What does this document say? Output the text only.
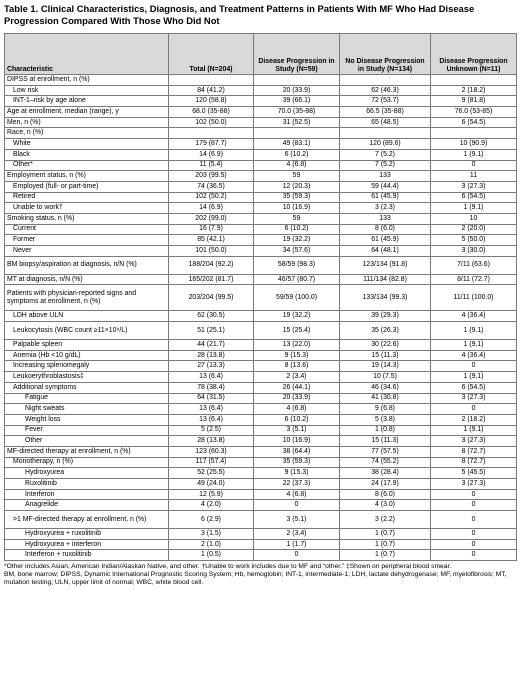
Table 1. Clinical Characteristics, Diagnosis, and Treatment Patterns in Patients With MF Who Had Disease Progression Compared With Those Who Did Not
Characteristic	Total (N=204)	Disease Progression in Study (N=59)	No Disease Progression in Study (N=134)	Disease Progression Unknown (N=11)
DIPSS at enrollment, n (%)				
Low risk	84 (41.2)	20 (33.9)	62 (46.3)	2 (18.2)
INT-1–risk by age alone	120 (58.8)	39 (66.1)	72 (53.7)	9 (81.8)
Age at enrollment, median (range), y	68.0 (35-88)	70.0 (35-88)	66.5 (35-88)	76.0 (53-85)
Men, n (%)	102 (50.0)	31 (52.5)	65 (48.5)	6 (54.5)
Race, n (%)				
White	179 (87.7)	49 (83.1)	120 (89.6)	10 (90.9)
Black	14 (6.9)	6 (10.2)	7 (5.2)	1 (9.1)
Other*	11 (5.4)	4 (6.8)	7 (5.2)	0
Employment status, n (%)	203 (99.5)	59	133	11
Employed (full- or part-time)	74 (36.5)	12 (20.3)	59 (44.4)	3 (27.3)
Retired	102 (50.2)	35 (59.3)	61 (45.9)	6 (54.5)
Unable to work†	14 (6.9)	10 (16.9)	3 (2.3)	1 (9.1)
Smoking status, n (%)	202 (99.0)	59	133	10
Current	16 (7.9)	6 (10.2)	8 (6.0)	2 (20.0)
Former	85 (42.1)	19 (32.2)	61 (45.9)	5 (50.0)
Never	101 (50.0)	34 (57.6)	64 (48.1)	3 (30.0)
BM biopsy/aspiration at diagnosis, n/N (%)	188/204 (92.2)	58/59 (98.3)	123/134 (91.8)	7/11 (63.6)
MT at diagnosis, n/N (%)	165/202 (81.7)	46/57 (80.7)	111/134 (82.8)	8/11 (72.7)
Patients with physician-reported signs and symptoms at enrollment, n (%)	203/204 (99.5)	59/59 (100.0)	133/134 (99.3)	11/11 (100.0)
LDH above ULN	62 (30.5)	19 (32.2)	39 (29.3)	4 (36.4)
Leukocytosis (WBC count ≥11×10⁹/L)	51 (25.1)	15 (25.4)	35 (26.3)	1 (9.1)
Palpable spleen	44 (21.7)	13 (22.0)	30 (22.6)	1 (9.1)
Anemia (Hb <10 g/dL)	28 (13.8)	9 (15.3)	15 (11.3)	4 (36.4)
Increasing splenomegaly	27 (13.3)	8 (13.6)	19 (14.3)	0
Leukoerythroblastosis‡	13 (6.4)	2 (3.4)	10 (7.5)	1 (9.1)
Additional symptoms	78 (38.4)	26 (44.1)	46 (34.6)	6 (54.5)
Fatigue	64 (31.5)	20 (33.9)	41 (30.8)	3 (27.3)
Night sweats	13 (6.4)	4 (6.8)	9 (6.8)	0
Weight loss	13 (6.4)	6 (10.2)	5 (3.8)	2 (18.2)
Fever	5 (2.5)	3 (5.1)	1 (0.8)	1 (9.1)
Other	28 (13.8)	10 (16.9)	15 (11.3)	3 (27.3)
MF-directed therapy at enrollment, n (%)	123 (60.3)	38 (64.4)	77 (57.5)	8 (72.7)
Monotherapy, n (%)	117 (57.4)	35 (59.3)	74 (55.2)	8 (72.7)
Hydroxyurea	52 (25.5)	9 (15.3)	38 (28.4)	5 (45.5)
Ruxolitinib	49 (24.0)	22 (37.3)	24 (17.9)	3 (27.3)
Interferon	12 (5.9)	4 (6.8)	8 (6.0)	0
Anagrelide	4 (2.0)	0	4 (3.0)	0
>1 MF-directed therapy at enrollment, n (%)	6 (2.9)	3 (5.1)	3 (2.2)	0
Hydroxyurea + ruxolitinib	3 (1.5)	2 (3.4)	1 (0.7)	0
Hydroxyurea + interferon	2 (1.0)	1 (1.7)	1 (0.7)	0
Interferon + ruxolitinib	1 (0.5)	0	1 (0.7)	0
*Other includes Asian, American Indian/Alaskan Native, and other. †Unable to work includes due to MF and “other.” ‡Shown on peripheral blood smear.
BM, bone marrow; DIPSS, Dynamic International Prognostic Scoring System; Hb, hemoglobin; INT-1, intermediate-1; LDH, lactate dehydrogenase; MF, myelofibrosis; MT, mutation testing; ULN, upper limit of normal; WBC, white blood cell.
